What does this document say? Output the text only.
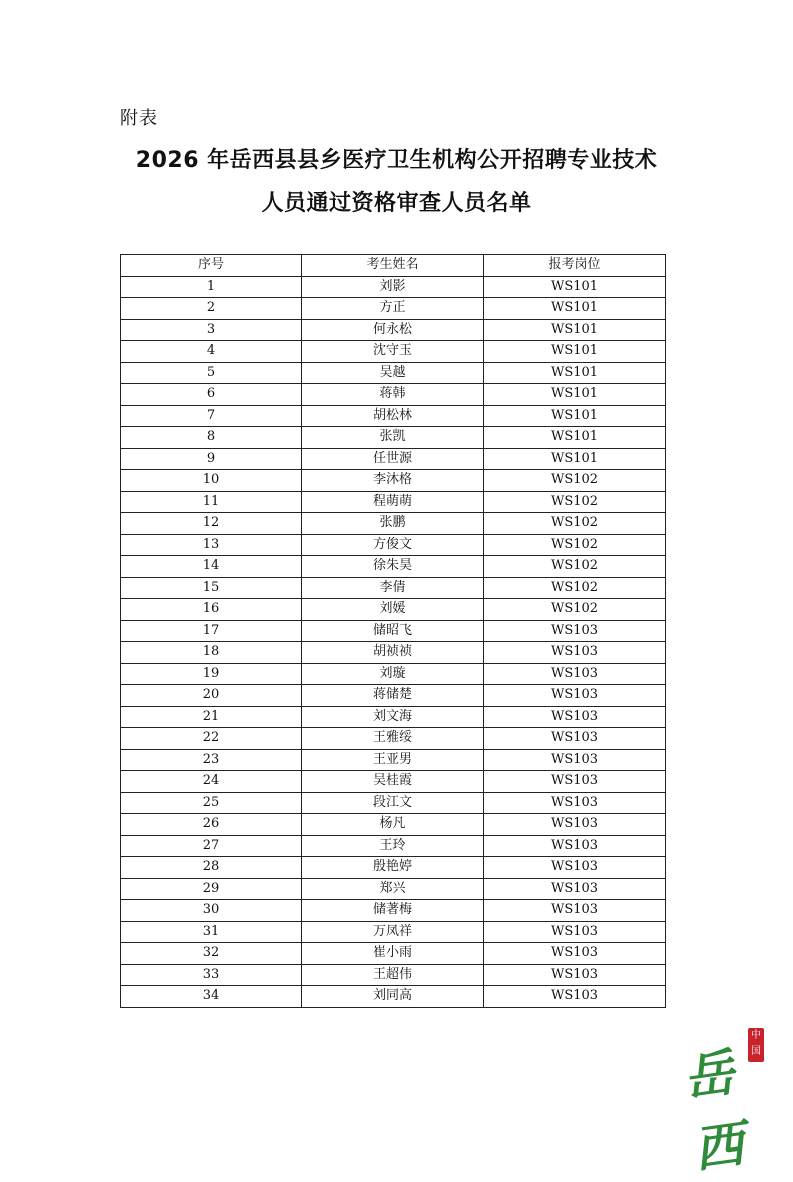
附表
2026 年岳西县县乡医疗卫生机构公开招聘专业技术
人员通过资格审查人员名单
序号	考生姓名	报考岗位
1	刘影	WS101
2	方正	WS101
3	何永松	WS101
4	沈守玉	WS101
5	吴越	WS101
6	蒋韩	WS101
7	胡松林	WS101
8	张凯	WS101
9	任世源	WS101
10	李沐格	WS102
11	程萌萌	WS102
12	张鹏	WS102
13	方俊文	WS102
14	徐朱昊	WS102
15	李倩	WS102
16	刘媛	WS102
17	储昭飞	WS103
18	胡祯祯	WS103
19	刘璇	WS103
20	蒋储楚	WS103
21	刘文海	WS103
22	王雅绥	WS103
23	王亚男	WS103
24	吴桂霞	WS103
25	段江文	WS103
26	杨凡	WS103
27	王玲	WS103
28	殷艳婷	WS103
29	郑兴	WS103
30	储著梅	WS103
31	万凤祥	WS103
32	崔小雨	WS103
33	王超伟	WS103
34	刘同高	WS103
岳西
中国
